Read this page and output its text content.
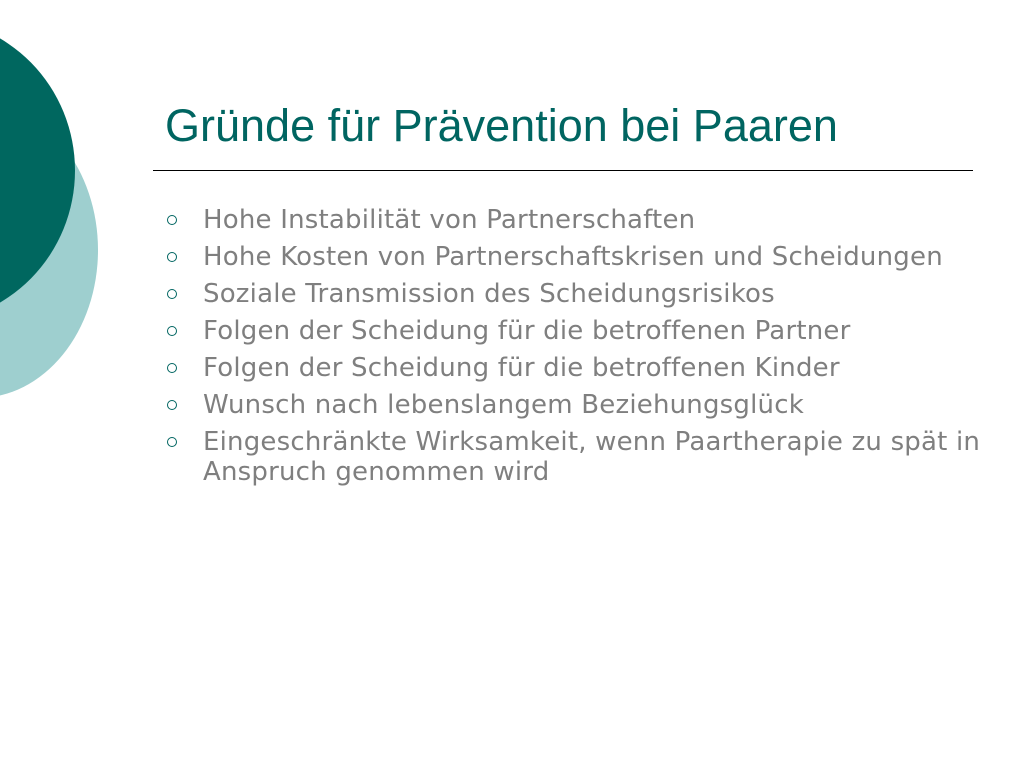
Gründe für Prävention bei Paaren
Hohe Instabilität von Partnerschaften
Hohe Kosten von Partnerschaftskrisen und Scheidungen
Soziale Transmission des Scheidungsrisikos
Folgen der Scheidung für die betroffenen Partner
Folgen der Scheidung für die betroffenen Kinder
Wunsch nach lebenslangem Beziehungsglück
Eingeschränkte Wirksamkeit, wenn Paartherapie zu spät in Anspruch genommen wird
